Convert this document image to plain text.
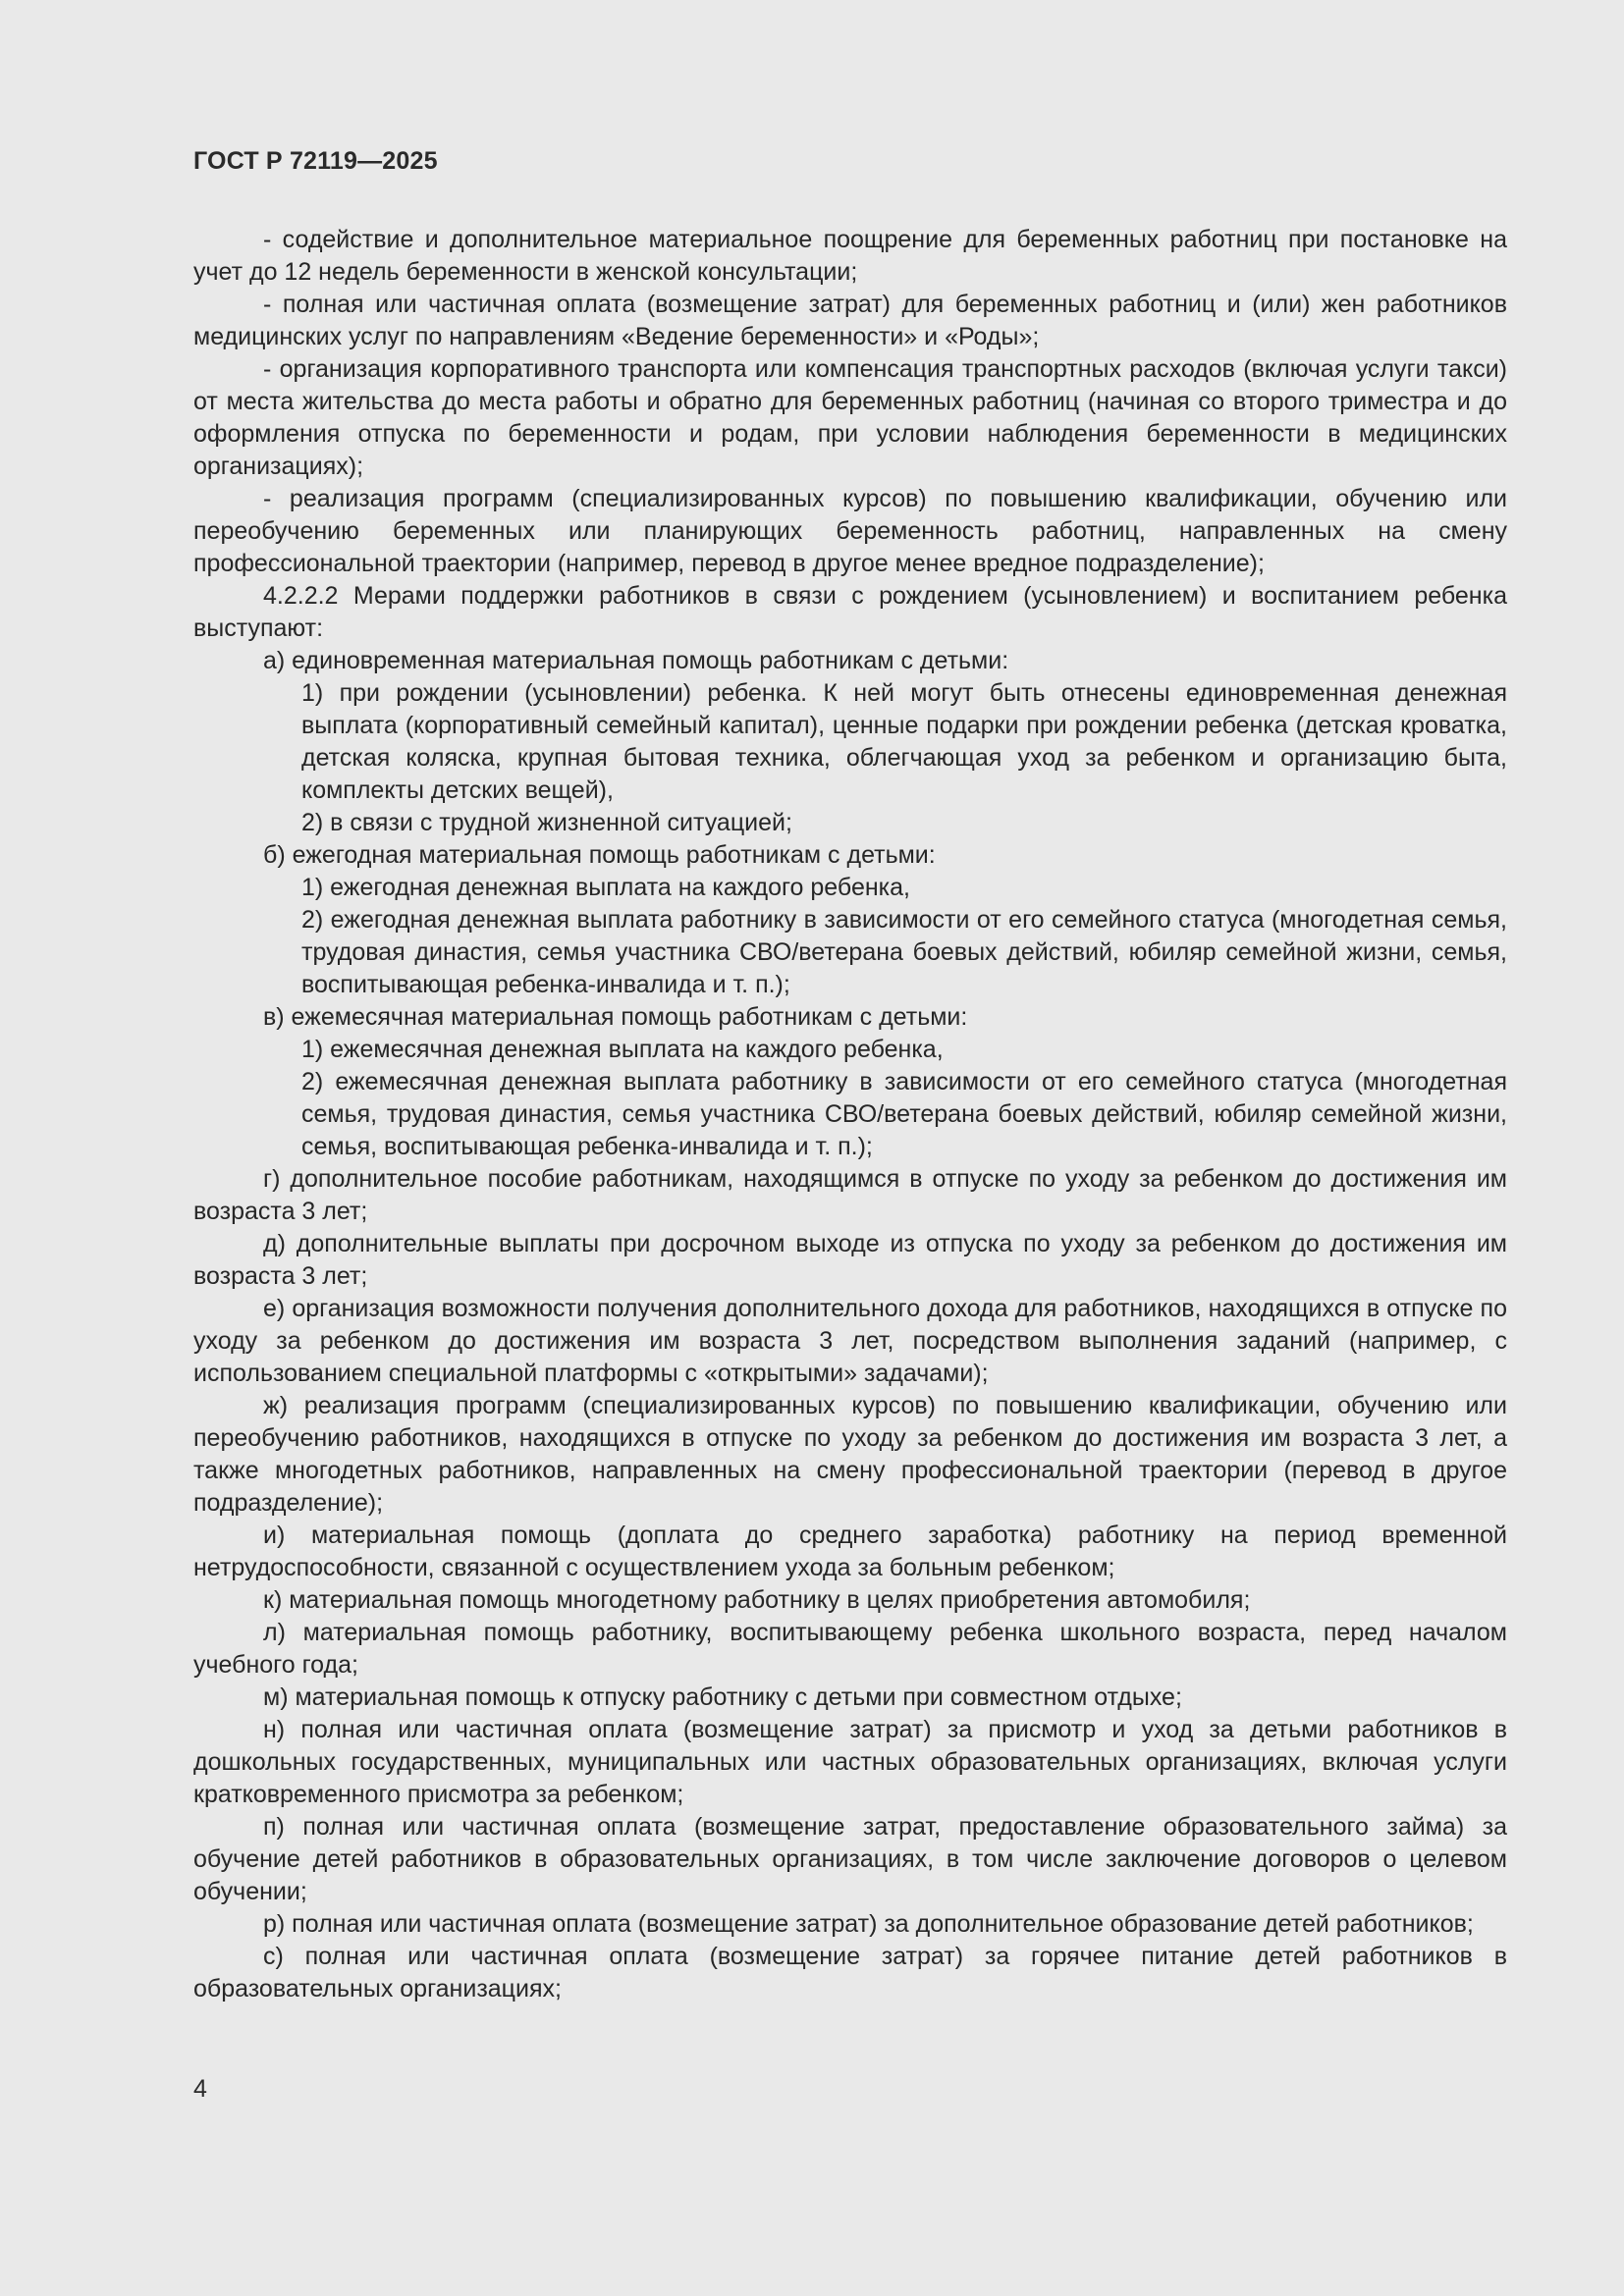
ГОСТ Р 72119—2025

- содействие и дополнительное материальное поощрение для беременных работниц при постановке на учет до 12 недель беременности в женской консультации;

- полная или частичная оплата (возмещение затрат) для беременных работниц и (или) жен работников медицинских услуг по направлениям «Ведение беременности» и «Роды»;

- организация корпоративного транспорта или компенсация транспортных расходов (включая услуги такси) от места жительства до места работы и обратно для беременных работниц (начиная со второго триместра и до оформления отпуска по беременности и родам, при условии наблюдения беременности в медицинских организациях);

- реализация программ (специализированных курсов) по повышению квалификации, обучению или переобучению беременных или планирующих беременность работниц, направленных на смену профессиональной траектории (например, перевод в другое менее вредное подразделение);

4.2.2.2 Мерами поддержки работников в связи с рождением (усыновлением) и воспитанием ребенка выступают:

а) единовременная материальная помощь работникам с детьми:

1) при рождении (усыновлении) ребенка. К ней могут быть отнесены единовременная денежная выплата (корпоративный семейный капитал), ценные подарки при рождении ребенка (детская кроватка, детская коляска, крупная бытовая техника, облегчающая уход за ребенком и организацию быта, комплекты детских вещей),

2) в связи с трудной жизненной ситуацией;

б) ежегодная материальная помощь работникам с детьми:

1) ежегодная денежная выплата на каждого ребенка,

2) ежегодная денежная выплата работнику в зависимости от его семейного статуса (многодетная семья, трудовая династия, семья участника СВО/ветерана боевых действий, юбиляр семейной жизни, семья, воспитывающая ребенка-инвалида и т. п.);

в) ежемесячная материальная помощь работникам с детьми:

1) ежемесячная денежная выплата на каждого ребенка,

2) ежемесячная денежная выплата работнику в зависимости от его семейного статуса (многодетная семья, трудовая династия, семья участника СВО/ветерана боевых действий, юбиляр семейной жизни, семья, воспитывающая ребенка-инвалида и т. п.);

г) дополнительное пособие работникам, находящимся в отпуске по уходу за ребенком до достижения им возраста 3 лет;

д) дополнительные выплаты при досрочном выходе из отпуска по уходу за ребенком до достижения им возраста 3 лет;

е) организация возможности получения дополнительного дохода для работников, находящихся в отпуске по уходу за ребенком до достижения им возраста 3 лет, посредством выполнения заданий (например, с использованием специальной платформы с «открытыми» задачами);

ж) реализация программ (специализированных курсов) по повышению квалификации, обучению или переобучению работников, находящихся в отпуске по уходу за ребенком до достижения им возраста 3 лет, а также многодетных работников, направленных на смену профессиональной траектории (перевод в другое подразделение);

и) материальная помощь (доплата до среднего заработка) работнику на период временной нетрудоспособности, связанной с осуществлением ухода за больным ребенком;

к) материальная помощь многодетному работнику в целях приобретения автомобиля;

л) материальная помощь работнику, воспитывающему ребенка школьного возраста, перед началом учебного года;

м) материальная помощь к отпуску работнику с детьми при совместном отдыхе;

н) полная или частичная оплата (возмещение затрат) за присмотр и уход за детьми работников в дошкольных государственных, муниципальных или частных образовательных организациях, включая услуги кратковременного присмотра за ребенком;

п) полная или частичная оплата (возмещение затрат, предоставление образовательного займа) за обучение детей работников в образовательных организациях, в том числе заключение договоров о целевом обучении;

р) полная или частичная оплата (возмещение затрат) за дополнительное образование детей работников;

с) полная или частичная оплата (возмещение затрат) за горячее питание детей работников в образовательных организациях;

4
